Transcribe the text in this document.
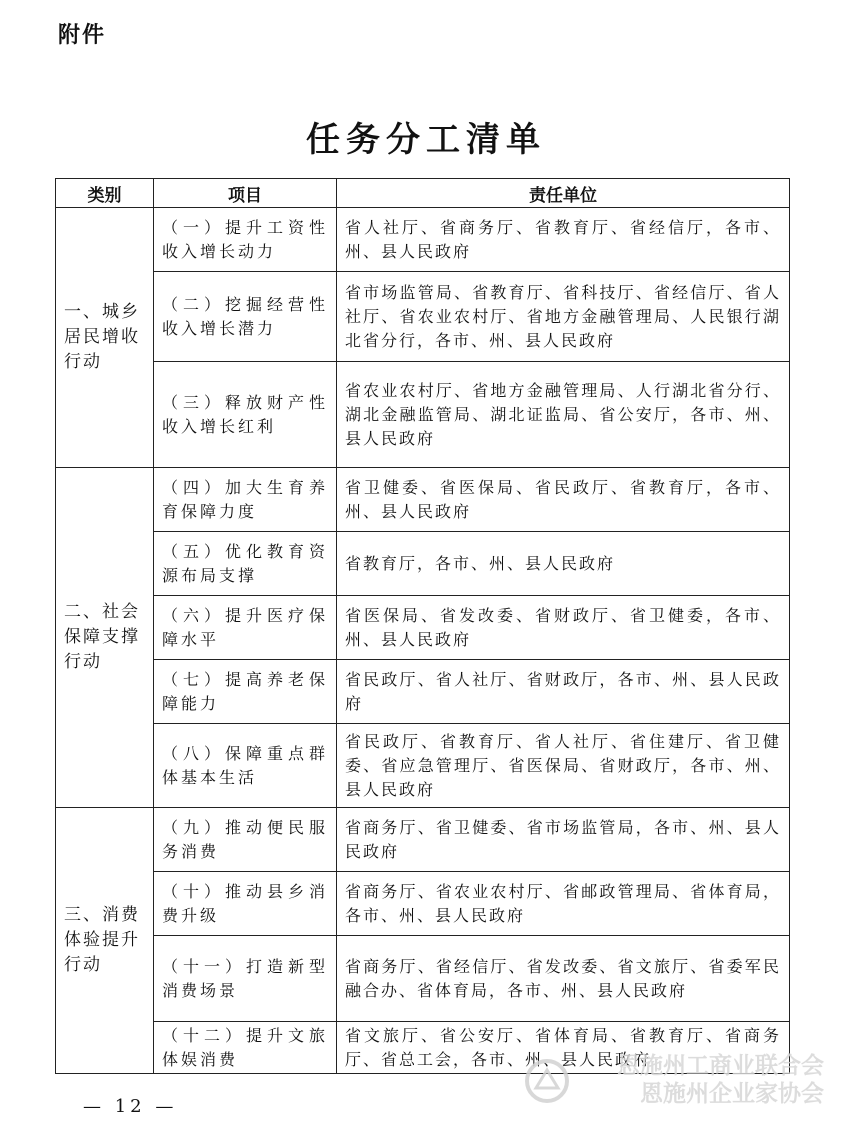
附件
任务分工清单
类别	项目	责任单位
一、城乡
居民增收
行动	（一）提升工资性收入增长动力	省人社厅、省商务厅、省教育厅、省经信厅，各市、州、县人民政府
	（二）挖掘经营性收入增长潜力	省市场监管局、省教育厅、省科技厅、省经信厅、省人社厅、省农业农村厅、省地方金融管理局、人民银行湖北省分行，各市、州、县人民政府
	（三）释放财产性收入增长红利	省农业农村厅、省地方金融管理局、人行湖北省分行、湖北金融监管局、湖北证监局、省公安厅，各市、州、县人民政府
二、社会
保障支撑
行动	（四）加大生育养育保障力度	省卫健委、省医保局、省民政厅、省教育厅，各市、州、县人民政府
	（五）优化教育资源布局支撑	省教育厅，各市、州、县人民政府
	（六）提升医疗保障水平	省医保局、省发改委、省财政厅、省卫健委，各市、州、县人民政府
	（七）提高养老保障能力	省民政厅、省人社厅、省财政厅，各市、州、县人民政府
	（八）保障重点群体基本生活	省民政厅、省教育厅、省人社厅、省住建厅、省卫健委、省应急管理厅、省医保局、省财政厅，各市、州、县人民政府
三、消费
体验提升
行动	（九）推动便民服务消费	省商务厅、省卫健委、省市场监管局，各市、州、县人民政府
	（十）推动县乡消费升级	省商务厅、省农业农村厅、省邮政管理局、省体育局，各市、州、县人民政府
	（十一）打造新型消费场景	省商务厅、省经信厅、省发改委、省文旅厅、省委军民融合办、省体育局，各市、州、县人民政府
	（十二）提升文旅体娱消费	省文旅厅、省公安厅、省体育局、省教育厅、省商务厅、省总工会，各市、州、县人民政府
— 12 —
恩施州工商业联合会
恩施州企业家协会
